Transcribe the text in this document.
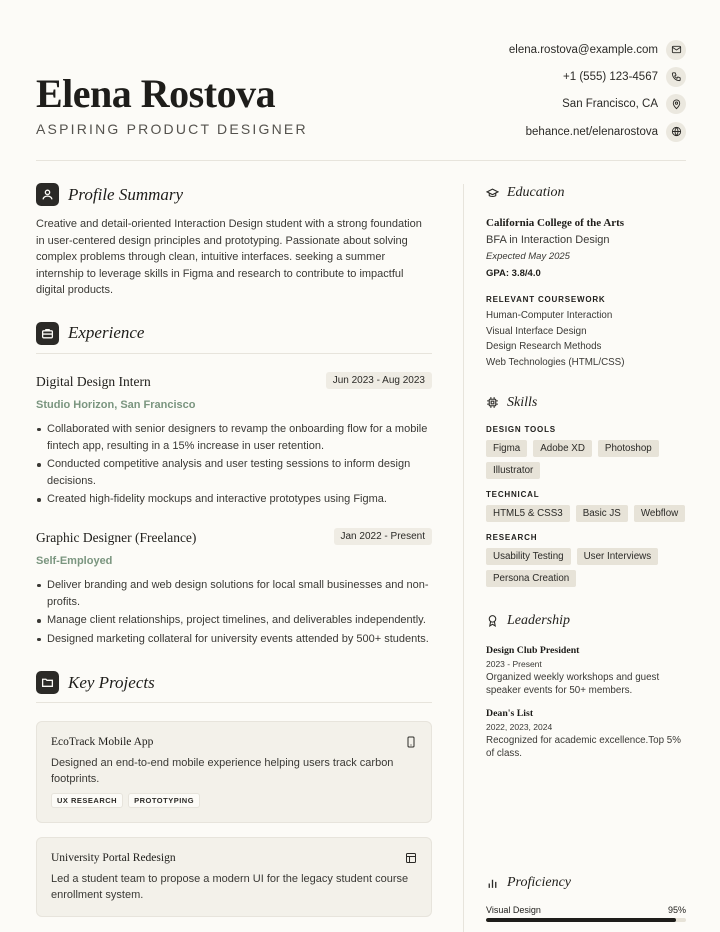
Elena Rostova
ASPIRING PRODUCT DESIGNER
elena.rostova@example.com
+1 (555) 123-4567
San Francisco, CA
behance.net/elenarostova
Profile Summary

Creative and detail-oriented Interaction Design student with a strong foundation in user-centered design principles and prototyping. Passionate about solving complex problems through clean, intuitive interfaces. seeking a summer internship to leverage skills in Figma and research to contribute to impactful digital products.

Experience
Digital Design Intern	Jun 2023 - Aug 2023
Studio Horizon, San Francisco
Collaborated with senior designers to revamp the onboarding flow for a mobile fintech app, resulting in a 15% increase in user retention.
Conducted competitive analysis and user testing sessions to inform design decisions.
Created high-fidelity mockups and interactive prototypes using Figma.
Graphic Designer (Freelance)	Jan 2022 - Present
Self-Employed
Deliver branding and web design solutions for local small businesses and non-profits.
Manage client relationships, project timelines, and deliverables independently.
Designed marketing collateral for university events attended by 500+ students.
Key Projects
EcoTrack Mobile App
Designed an end-to-end mobile experience helping users track carbon footprints.
UX RESEARCH	PROTOTYPING
University Portal Redesign
Led a student team to propose a modern UI for the legacy student course enrollment system.
Education
California College of the Arts
BFA in Interaction Design
Expected May 2025
GPA: 3.8/4.0
RELEVANT COURSEWORK
Human-Computer Interaction
Visual Interface Design
Design Research Methods
Web Technologies (HTML/CSS)
Skills
DESIGN TOOLS
Figma	Adobe XD	Photoshop
Illustrator
TECHNICAL
HTML5 & CSS3	Basic JS	Webflow
RESEARCH
Usability Testing	User Interviews
Persona Creation
Leadership
Design Club President
2023 - Present
Organized weekly workshops and guest speaker events for 50+ members.
Dean's List
2022, 2023, 2024
Recognized for academic excellence.Top 5% of class.
Proficiency
Visual Design	95%
